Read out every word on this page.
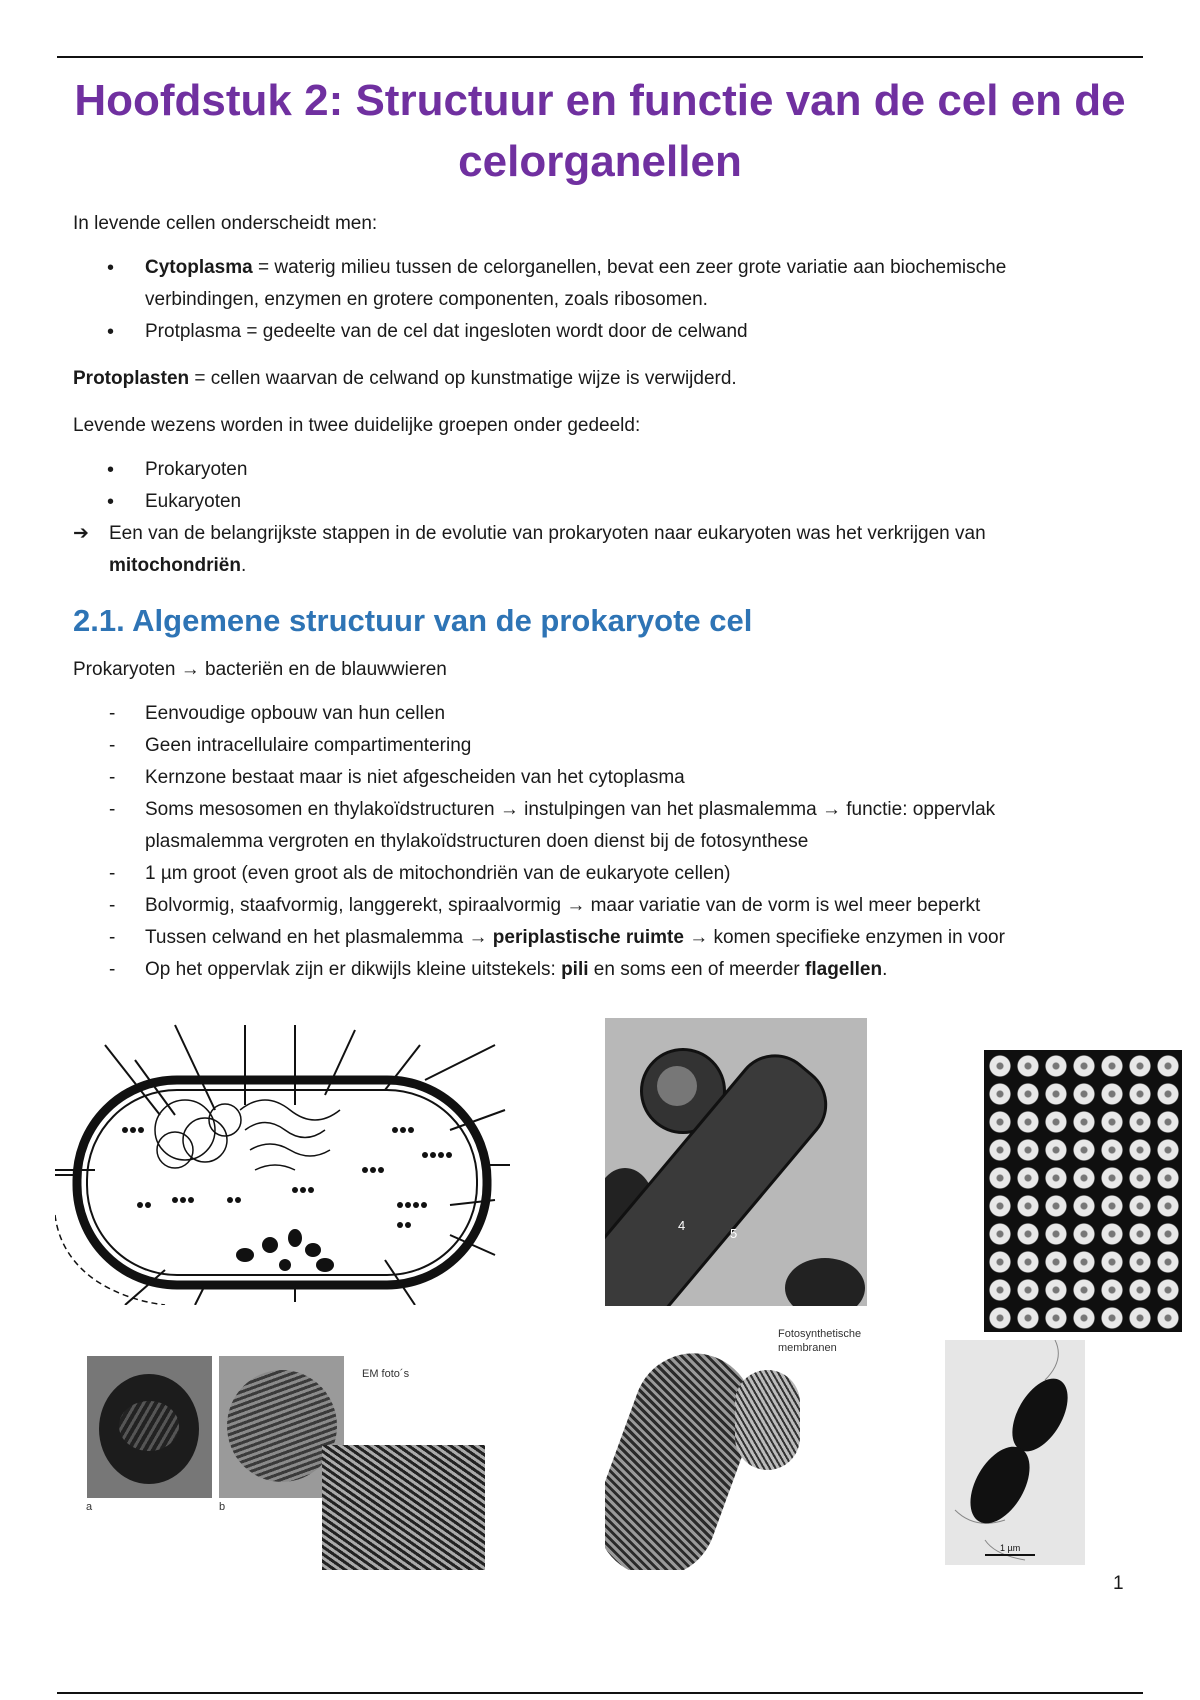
Hoofdstuk 2: Structuur en functie van de cel en de celorganellen

In levende cellen onderscheidt men:

• Cytoplasma = waterig milieu tussen de celorganellen, bevat een zeer grote variatie aan biochemische verbindingen, enzymen en grotere componenten, zoals ribosomen.
• Protplasma = gedeelte van de cel dat ingesloten wordt door de celwand

Protoplasten = cellen waarvan de celwand op kunstmatige wijze is verwijderd.

Levende wezens worden in twee duidelijke groepen onder gedeeld:

• Prokaryoten
• Eukaryoten

➔ Een van de belangrijkste stappen in de evolutie van prokaryoten naar eukaryoten was het verkrijgen van mitochondriën.

2.1. Algemene structuur van de prokaryote cel

Prokaryoten → bacteriën en de blauwwieren

- Eenvoudige opbouw van hun cellen
- Geen intracellulaire compartimentering
- Kernzone bestaat maar is niet afgescheiden van het cytoplasma
- Soms mesosomen en thylakoïdstructuren → instulpingen van het plasmalemma → functie: oppervlak plasmalemma vergroten en thylakoïdstructuren doen dienst bij de fotosynthese
- 1 µm groot (even groot als de mitochondriën van de eukaryote cellen)
- Bolvormig, staafvormig, langgerekt, spiraalvormig → maar variatie van de vorm is wel meer beperkt
- Tussen celwand en het plasmalemma → periplastische ruimte → komen specifieke enzymen in voor
- Op het oppervlak zijn er dikwijls kleine uitstekels: pili en soms een of meerder flagellen.
a	b
EM foto´s
4
5
Fotosynthetische membranen
1 µm
1
